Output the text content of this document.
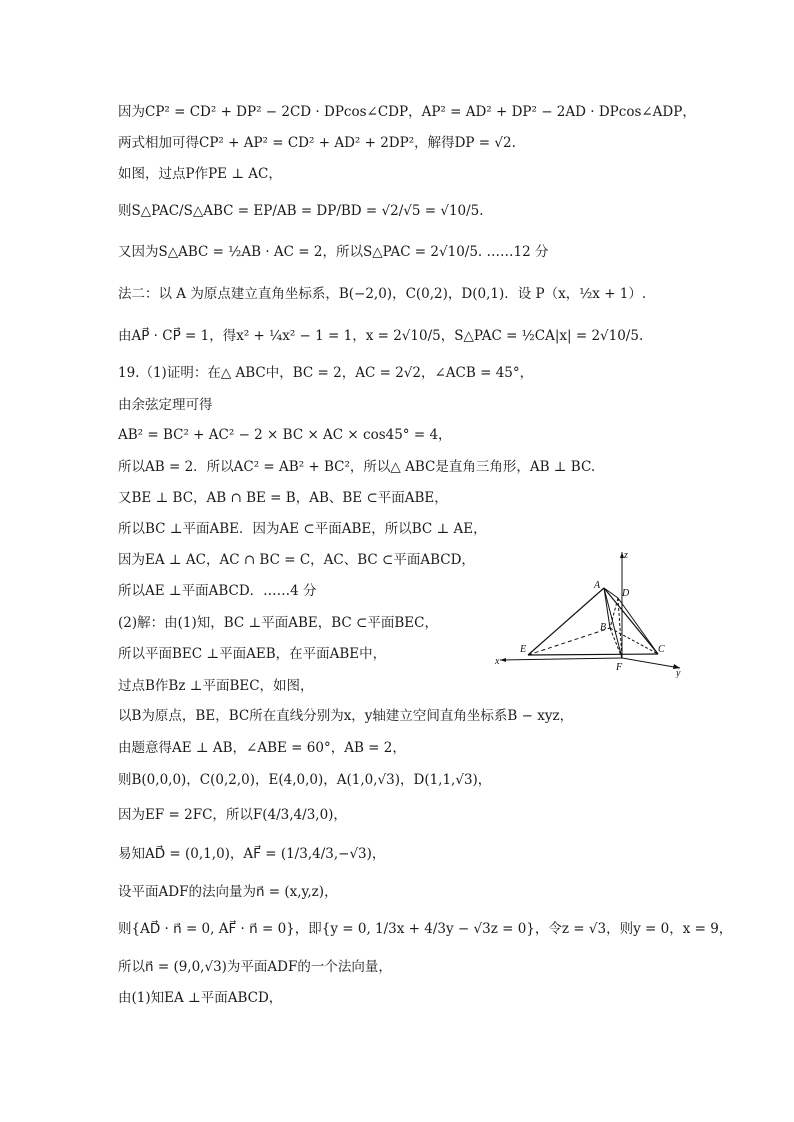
因为CP² = CD² + DP² − 2CD · DPcos∠CDP，AP² = AD² + DP² − 2AD · DPcos∠ADP，
两式相加可得CP² + AP² = CD² + AD² + 2DP²，解得DP = √2.
如图，过点P作PE ⊥ AC，
则S△PAC/S△ABC = EP/AB = DP/BD = √2/√5 = √10/5.
又因为S△ABC = ½AB · AC = 2，所以S△PAC = 2√10/5. ……12 分
法二：以 A 为原点建立直角坐标系，B(−2,0)，C(0,2)，D(0,1)．设 P（x，½x + 1）.
由AP⃗ · CP⃗ = 1，得x² + ¼x² − 1 = 1，x = 2√10/5，S△PAC = ½CA|x| = 2√10/5.
19.（1)证明：在△ ABC中，BC = 2，AC = 2√2，∠ACB = 45°，
由余弦定理可得
AB² = BC² + AC² − 2 × BC × AC × cos45° = 4，
所以AB = 2．所以AC² = AB² + BC²，所以△ ABC是直角三角形，AB ⊥ BC.
又BE ⊥ BC，AB ∩ BE = B，AB、BE ⊂平面ABE，
所以BC ⊥平面ABE．因为AE ⊂平面ABE，所以BC ⊥ AE，
因为EA ⊥ AC，AC ∩ BC = C，AC、BC ⊂平面ABCD，
所以AE ⊥平面ABCD．……4 分
(2)解：由(1)知，BC ⊥平面ABE，BC ⊂平面BEC，
所以平面BEC ⊥平面AEB，在平面ABE中，
过点B作Bz ⊥平面BEC，如图，
以B为原点，BE，BC所在直线分别为x，y轴建立空间直角坐标系B − xyz，
由题意得AE ⊥ AB，∠ABE = 60°，AB = 2，
则B(0,0,0)，C(0,2,0)，E(4,0,0)，A(1,0,√3)，D(1,1,√3)，
因为EF = 2FC，所以F(4/3,4/3,0)，
易知AD⃗ = (0,1,0)，AF⃗ = (1/3,4/3,−√3)，
设平面ADF的法向量为n⃗ = (x,y,z)，
则{AD⃗ · n⃗ = 0, AF⃗ · n⃗ = 0}，即{y = 0, 1/3x + 4/3y − √3z = 0}，令z = √3，则y = 0，x = 9，
所以n⃗ = (9,0,√3)为平面ADF的一个法向量，
由(1)知EA ⊥平面ABCD，
z
A
D
B
E
F
C
x
y
